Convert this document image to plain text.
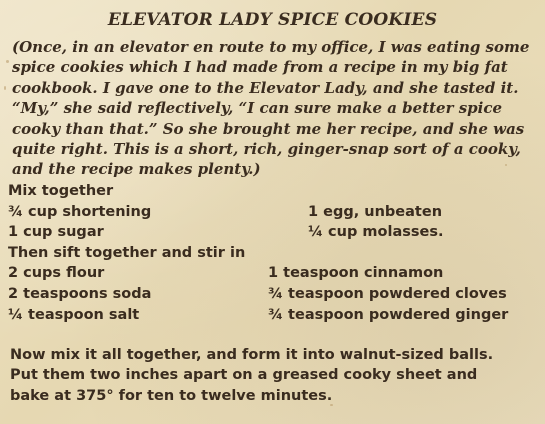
ELEVATOR LADY SPICE COOKIES

(Once, in an elevator en route to my office, I was eating some
spice cookies which I had made from a recipe in my big fat
cookbook. I gave one to the Elevator Lady, and she tasted it.
“My,” she said reflectively, “I can sure make a better spice
cooky than that.” So she brought me her recipe, and she was
quite right. This is a short, rich, ginger-snap sort of a cooky,
and the recipe makes plenty.)

Mix together
¾ cup shortening	1 egg, unbeaten
1 cup sugar	¼ cup molasses.
Then sift together and stir in
2 cups flour	1 teaspoon cinnamon
2 teaspoons soda	¾ teaspoon powdered cloves
¼ teaspoon salt	¾ teaspoon powdered ginger

Now mix it all together, and form it into walnut-sized balls.
Put them two inches apart on a greased cooky sheet and
bake at 375° for ten to twelve minutes.
